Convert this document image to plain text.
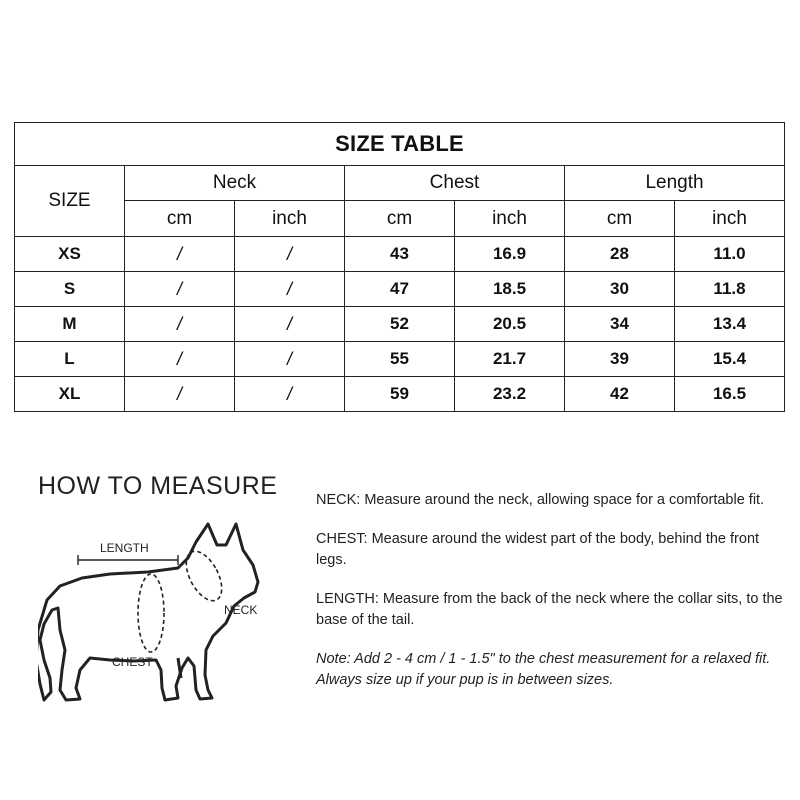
SIZE TABLE						
SIZE	Neck		Chest		Length	
	cm	inch	cm	inch	cm	inch
XS	/	/	43	16.9	28	11.0
S	/	/	47	18.5	30	11.8
M	/	/	52	20.5	34	13.4
L	/	/	55	21.7	39	15.4
XL	/	/	59	23.2	42	16.5
HOW TO MEASURE
LENGTH
NECK
CHEST

NECK: Measure around the neck, allowing space for a comfortable fit.

CHEST: Measure around the widest part of the body, behind the front legs.

LENGTH: Measure from the back of the neck where the collar sits, to the base of the tail.

Note: Add 2 - 4 cm / 1 - 1.5" to the chest measurement for a relaxed fit. Always size up if your pup is in between sizes.
